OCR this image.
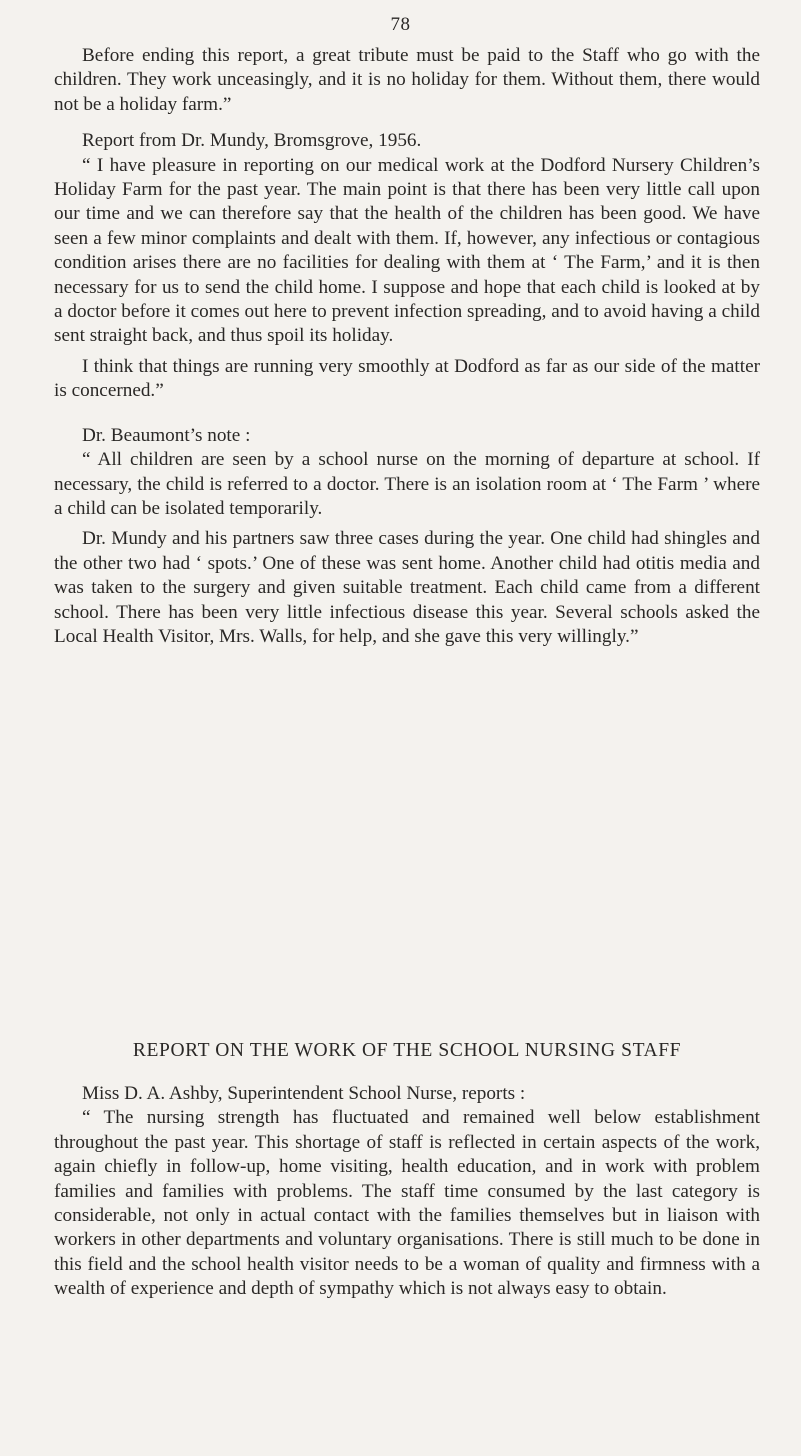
78

Before ending this report, a great tribute must be paid to the Staff who go with the children. They work unceasingly, and it is no holiday for them. Without them, there would not be a holiday farm.”

Report from Dr. Mundy, Bromsgrove, 1956.

“ I have pleasure in reporting on our medical work at the Dodford Nursery Children’s Holiday Farm for the past year. The main point is that there has been very little call upon our time and we can therefore say that the health of the children has been good. We have seen a few minor complaints and dealt with them. If, however, any infectious or contagious condition arises there are no facilities for dealing with them at ‘ The Farm,’ and it is then necessary for us to send the child home. I suppose and hope that each child is looked at by a doctor before it comes out here to prevent infection spreading, and to avoid having a child sent straight back, and thus spoil its holiday.

I think that things are running very smoothly at Dodford as far as our side of the matter is concerned.”

Dr. Beaumont’s note :

“ All children are seen by a school nurse on the morning of departure at school. If necessary, the child is referred to a doctor. There is an isolation room at ‘ The Farm ’ where a child can be isolated temporarily.

Dr. Mundy and his partners saw three cases during the year. One child had shingles and the other two had ‘ spots.’ One of these was sent home. Another child had otitis media and was taken to the surgery and given suitable treatment. Each child came from a different school. There has been very little infectious disease this year. Several schools asked the Local Health Visitor, Mrs. Walls, for help, and she gave this very willingly.”

REPORT ON THE WORK OF THE SCHOOL NURSING STAFF

Miss D. A. Ashby, Superintendent School Nurse, reports :

“ The nursing strength has fluctuated and remained well below establishment throughout the past year. This shortage of staff is reflected in certain aspects of the work, again chiefly in follow-up, home visiting, health education, and in work with problem families and families with problems. The staff time consumed by the last category is considerable, not only in actual contact with the families themselves but in liaison with workers in other departments and voluntary organisations. There is still much to be done in this field and the school health visitor needs to be a woman of quality and firmness with a wealth of experience and depth of sympathy which is not always easy to obtain.
